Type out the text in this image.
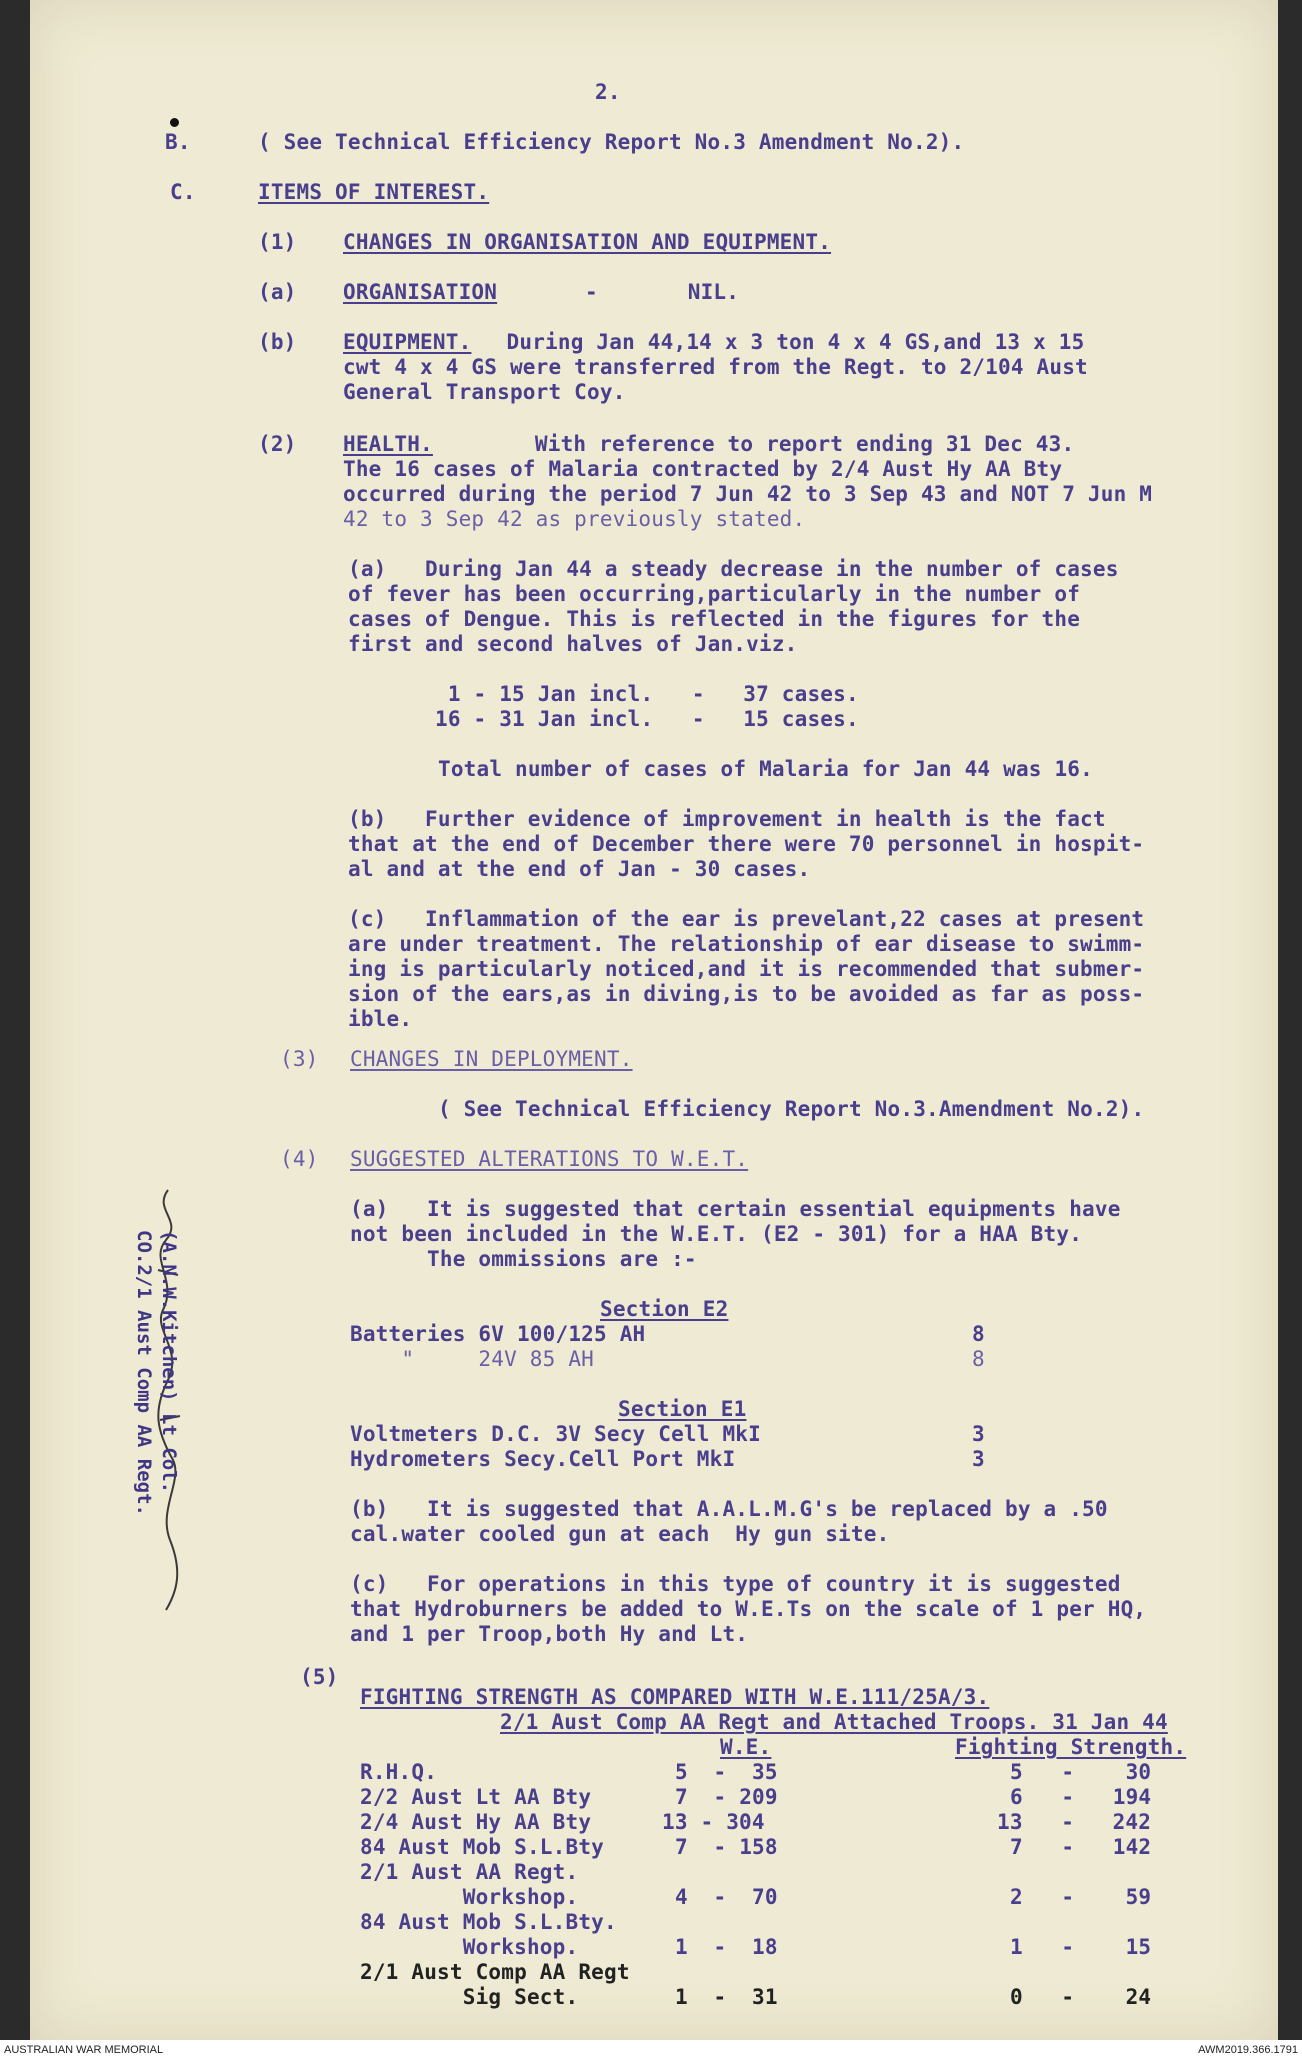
2.
B.	( See Technical Efficiency Report No.3 Amendment No.2).
C.	ITEMS OF INTEREST.
(1) CHANGES IN ORGANISATION AND EQUIPMENT.
(a) ORGANISATION	-       NIL.
(b) EQUIPMENT.
During Jan 44,14 x 3 ton 4 x 4 GS,and 13 x 15
cwt 4 x 4 GS were transferred from the Regt. to 2/104 Aust
General Transport Coy.
(2) HEALTH. With reference to report ending 31 Dec 43.
The 16 cases of Malaria contracted by 2/4 Aust Hy AA Bty
occurred during the period 7 Jun 42 to 3 Sep 43 and NOT 7 Jun M
42 to 3 Sep 42 as previously stated.
(a)   During Jan 44 a steady decrease in the number of cases
of fever has been occurring,particularly in the number of
cases of Dengue. This is reflected in the figures for the
first and second halves of Jan.viz.
1 - 15 Jan incl.   -   37 cases.
16 - 31 Jan incl.   -   15 cases.
Total number of cases of Malaria for Jan 44 was 16.
(b)   Further evidence of improvement in health is the fact
that at the end of December there were 70 personnel in hospit-
al and at the end of Jan - 30 cases.
(c)   Inflammation of the ear is prevelant,22 cases at present
are under treatment. The relationship of ear disease to swimm-
ing is particularly noticed,and it is recommended that submer-
sion of the ears,as in diving,is to be avoided as far as poss-
ible.
(3) CHANGES IN DEPLOYMENT.
( See Technical Efficiency Report No.3.Amendment No.2).
(4) SUGGESTED ALTERATIONS TO W.E.T.
(a)   It is suggested that certain essential equipments have
not been included in the W.E.T. (E2 - 301) for a HAA Bty.
The ommissions are :-
Section E2
Batteries 6V 100/125 AH	8
"     24V 85 AH	8
Section E1
Voltmeters D.C. 3V Secy Cell MkI	3
Hydrometers Secy.Cell Port MkI	3
(b)   It is suggested that A.A.L.M.G's be replaced by a .50
cal.water cooled gun at each  Hy gun site.
(c)   For operations in this type of country it is suggested
that Hydroburners be added to W.E.Ts on the scale of 1 per HQ,
and 1 per Troop,both Hy and Lt.
(5)
FIGHTING STRENGTH AS COMPARED WITH W.E.111/25A/3.
2/1 Aust Comp AA Regt and Attached Troops. 31 Jan 44
W.E.	Fighting Strength.
R.H.Q.	5  -  35	5   -    30
2/2 Aust Lt AA Bty	7  - 209	6   -   194
2/4 Aust Hy AA Bty	13 - 304	13   -   242
84 Aust Mob S.L.Bty	7  - 158	7   -   142
2/1 Aust AA Regt.
Workshop.	4  -  70	2   -    59
84 Aust Mob S.L.Bty.
Workshop.	1  -  18	1   -    15
2/1 Aust Comp AA Regt
Sig Sect.	1  -  31	0   -    24
(A.N.W.Kitchen) Lt Col.
CO.2/1 Aust Comp AA Regt.
AUSTRALIAN WAR MEMORIAL	AWM2019.366.1791
